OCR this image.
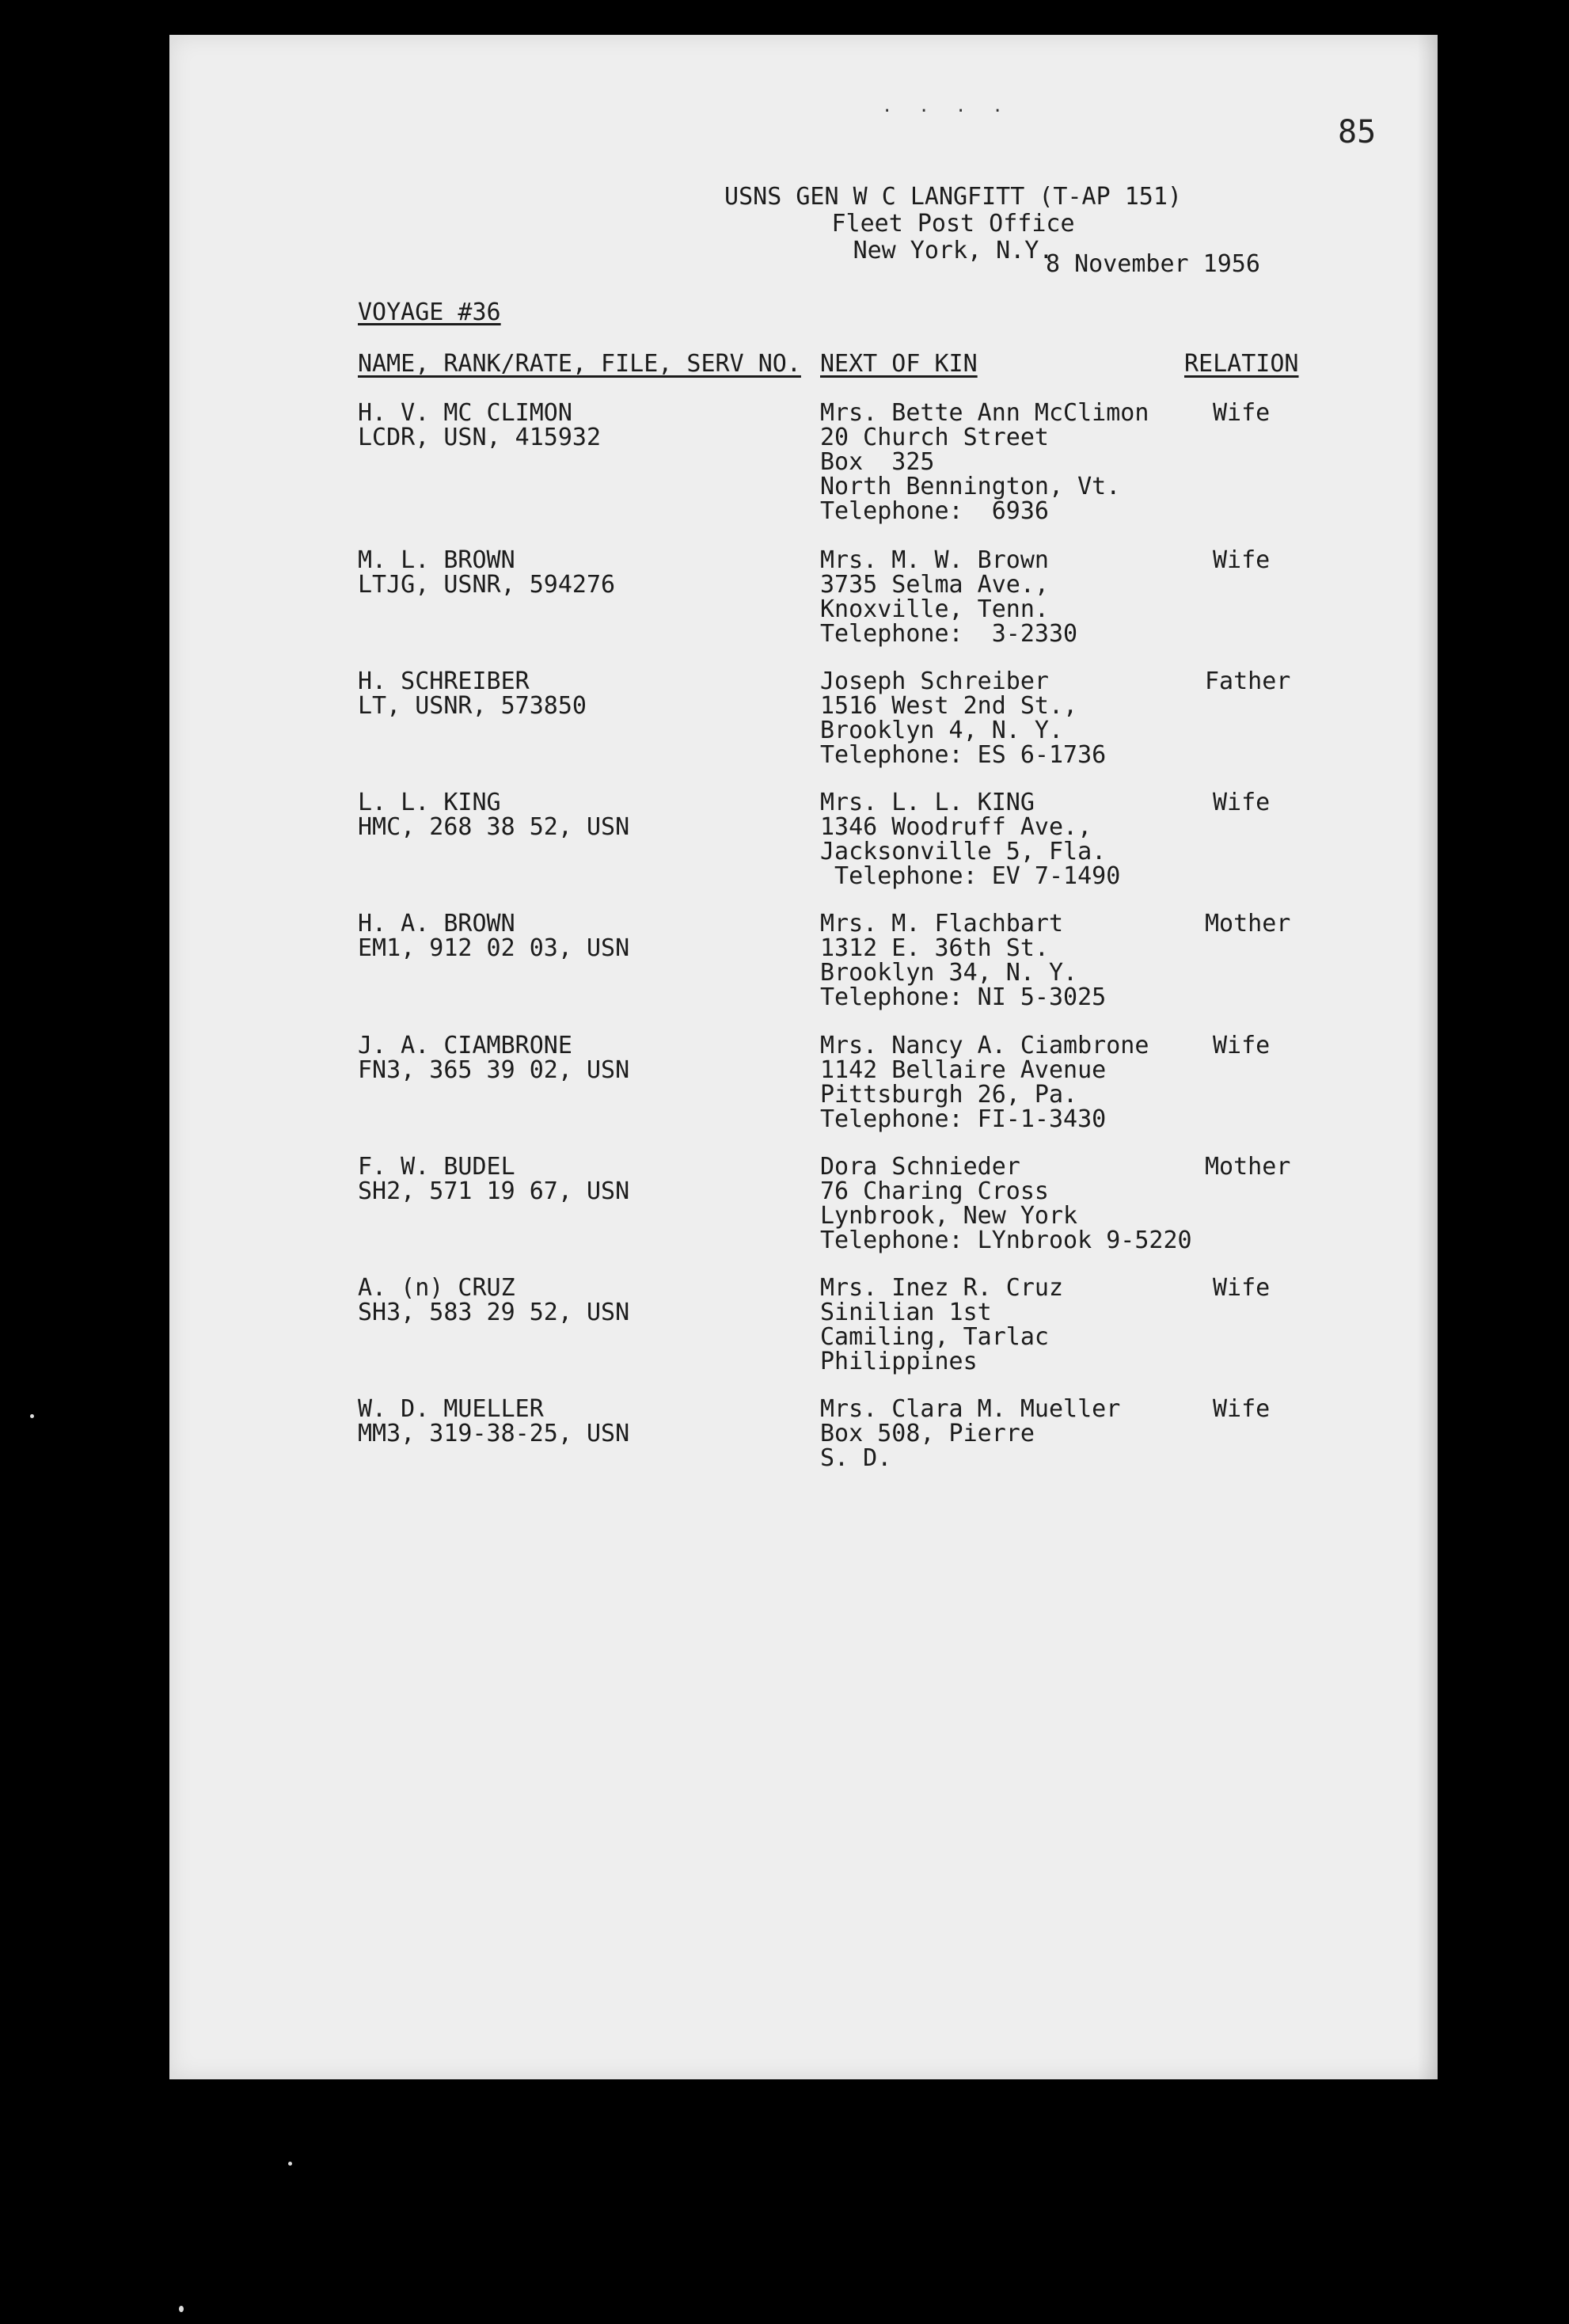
. . . .
85
USNS GEN W C LANGFITT (T-AP 151)
Fleet Post Office
New York, N.Y.
8 November 1956
VOYAGE #36
NAME, RANK/RATE, FILE, SERV NO. NEXT OF KIN	RELATION
H. V. MC CLIMON
LCDR, USN, 415932
Mrs. Bette Ann McClimon
20 Church Street
Box  325
North Bennington, Vt.
Telephone:  6936
Wife
M. L. BROWN
LTJG, USNR, 594276
Mrs. M. W. Brown
3735 Selma Ave.,
Knoxville, Tenn.
Telephone:  3-2330
Wife
H. SCHREIBER
LT, USNR, 573850
Joseph Schreiber
1516 West 2nd St.,
Brooklyn 4, N. Y.
Telephone: ES 6-1736
Father
L. L. KING
HMC, 268 38 52, USN
Mrs. L. L. KING
1346 Woodruff Ave.,
Jacksonville 5, Fla.
Telephone: EV 7-1490
Wife
H. A. BROWN
EM1, 912 02 03, USN
Mrs. M. Flachbart
1312 E. 36th St.
Brooklyn 34, N. Y.
Telephone: NI 5-3025
Mother
J. A. CIAMBRONE
FN3, 365 39 02, USN
Mrs. Nancy A. Ciambrone
1142 Bellaire Avenue
Pittsburgh 26, Pa.
Telephone: FI-1-3430
Wife
F. W. BUDEL
SH2, 571 19 67, USN
Dora Schnieder
76 Charing Cross
Lynbrook, New York
Telephone: LYnbrook 9-5220
Mother
A. (n) CRUZ
SH3, 583 29 52, USN
Mrs. Inez R. Cruz
Sinilian 1st
Camiling, Tarlac
Philippines
Wife
W. D. MUELLER
MM3, 319-38-25, USN
Mrs. Clara M. Mueller
Box 508, Pierre
S. D.
Wife
